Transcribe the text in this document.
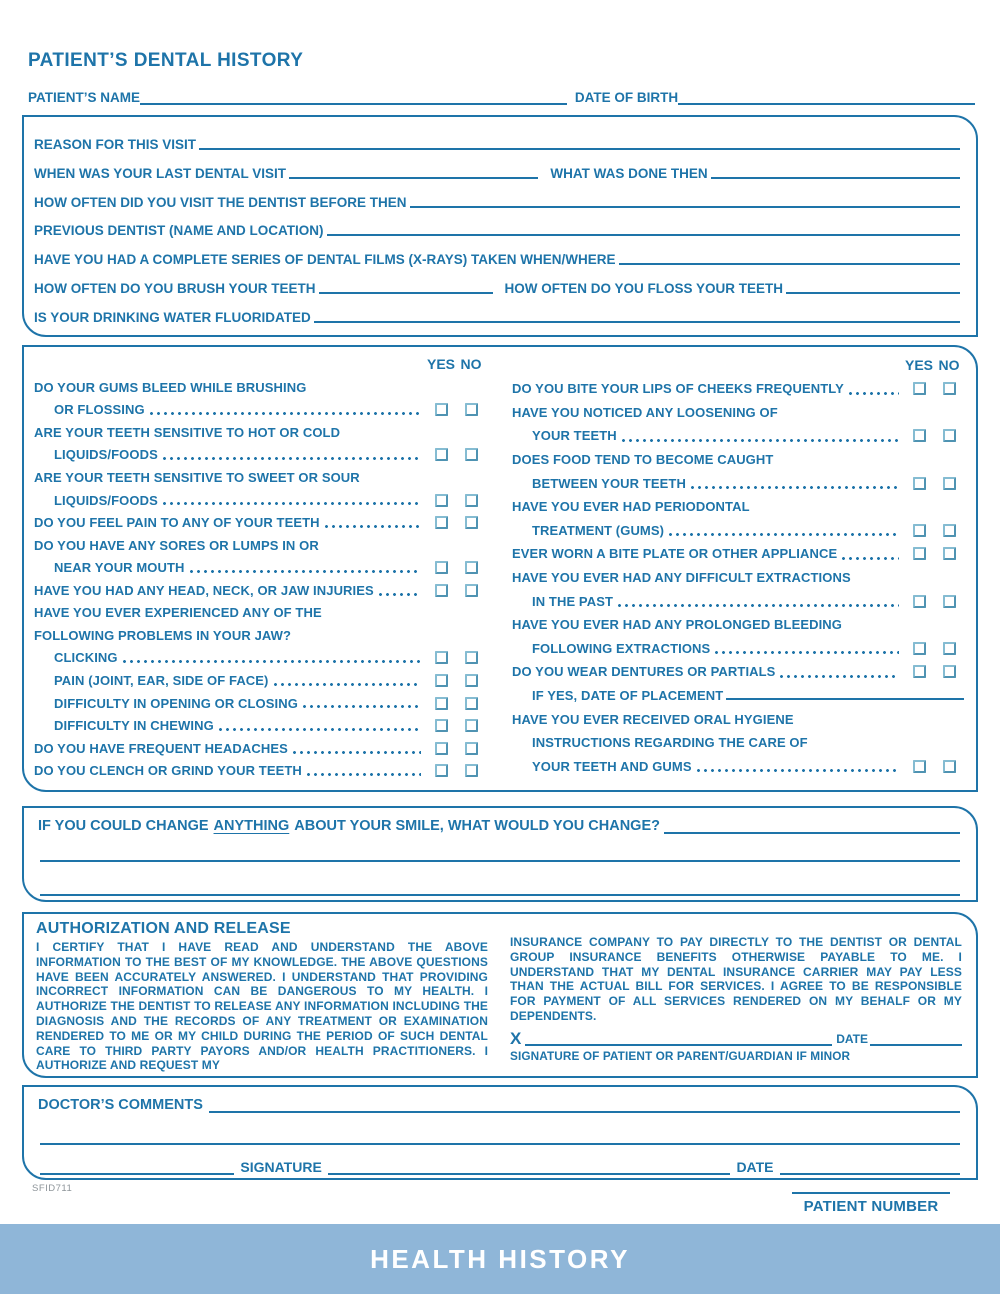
PATIENT’S DENTAL HISTORY
PATIENT’S NAME	DATE OF BIRTH
REASON FOR THIS VISIT
WHEN WAS YOUR LAST DENTAL VISIT	WHAT WAS DONE THEN
HOW OFTEN DID YOU VISIT THE DENTIST BEFORE THEN
PREVIOUS DENTIST (NAME AND LOCATION)
HAVE YOU HAD A COMPLETE SERIES OF DENTAL FILMS (X-RAYS) TAKEN WHEN/WHERE
HOW OFTEN DO YOU BRUSH YOUR TEETH	HOW OFTEN DO YOU FLOSS YOUR TEETH
IS YOUR DRINKING WATER FLUORIDATED
YES NO
DO YOUR GUMS BLEED WHILE BRUSHING
OR FLOSSING
ARE YOUR TEETH SENSITIVE TO HOT OR COLD
LIQUIDS/FOODS
ARE YOUR TEETH SENSITIVE TO SWEET OR SOUR
LIQUIDS/FOODS
DO YOU FEEL PAIN TO ANY OF YOUR TEETH
DO YOU HAVE ANY SORES OR LUMPS IN OR
NEAR YOUR MOUTH
HAVE YOU HAD ANY HEAD, NECK, OR JAW INJURIES
HAVE YOU EVER EXPERIENCED ANY OF THE
FOLLOWING PROBLEMS IN YOUR JAW?
CLICKING
PAIN (JOINT, EAR, SIDE OF FACE)
DIFFICULTY IN OPENING OR CLOSING
DIFFICULTY IN CHEWING
DO YOU HAVE FREQUENT HEADACHES
DO YOU CLENCH OR GRIND YOUR TEETH
YES NO
DO YOU BITE YOUR LIPS OF CHEEKS FREQUENTLY
HAVE YOU NOTICED ANY LOOSENING OF
YOUR TEETH
DOES FOOD TEND TO BECOME CAUGHT
BETWEEN YOUR TEETH
HAVE YOU EVER HAD PERIODONTAL
TREATMENT (GUMS)
EVER WORN A BITE PLATE OR OTHER APPLIANCE
HAVE YOU EVER HAD ANY DIFFICULT EXTRACTIONS
IN THE PAST
HAVE YOU EVER HAD ANY PROLONGED BLEEDING
FOLLOWING EXTRACTIONS
DO YOU WEAR DENTURES OR PARTIALS
IF YES, DATE OF PLACEMENT
HAVE YOU EVER RECEIVED ORAL HYGIENE
INSTRUCTIONS REGARDING THE CARE OF
YOUR TEETH AND GUMS
IF YOU COULD CHANGE ANYTHING ABOUT YOUR SMILE, WHAT WOULD YOU CHANGE?
AUTHORIZATION AND RELEASE
I CERTIFY THAT I HAVE READ AND UNDERSTAND THE ABOVE INFORMATION TO THE BEST OF MY KNOWLEDGE. THE ABOVE QUESTIONS HAVE BEEN ACCURATELY ANSWERED. I UNDERSTAND THAT PROVIDING INCORRECT INFORMATION CAN BE DANGEROUS TO MY HEALTH. I AUTHORIZE THE DENTIST TO RELEASE ANY INFORMATION INCLUDING THE DIAGNOSIS AND THE RECORDS OF ANY TREATMENT OR EXAMINATION RENDERED TO ME OR MY CHILD DURING THE PERIOD OF SUCH DENTAL CARE TO THIRD PARTY PAYORS AND/OR HEALTH PRACTITIONERS. I AUTHORIZE AND REQUEST MY
INSURANCE COMPANY TO PAY DIRECTLY TO THE DENTIST OR DENTAL GROUP INSURANCE BENEFITS OTHERWISE PAYABLE TO ME. I UNDERSTAND THAT MY DENTAL INSURANCE CARRIER MAY PAY LESS THAN THE ACTUAL BILL FOR SERVICES. I AGREE TO BE RESPONSIBLE FOR PAYMENT OF ALL SERVICES RENDERED ON MY BEHALF OR MY DEPENDENTS.
X	DATE
SIGNATURE OF PATIENT OR PARENT/GUARDIAN IF MINOR
DOCTOR’S COMMENTS
SIGNATURE	DATE
SFID711
PATIENT NUMBER
HEALTH HISTORY
